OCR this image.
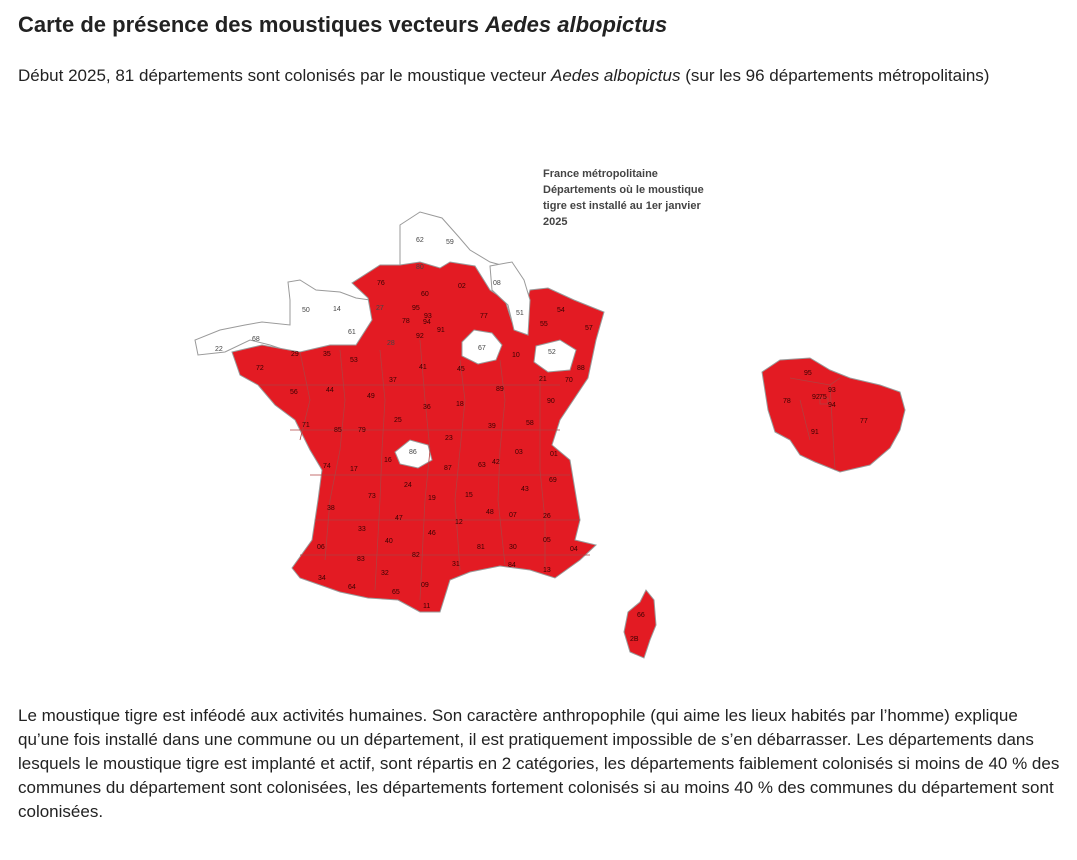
Carte de présence des moustiques vecteurs Aedes albopictus

Début 2025, 81 départements sont colonisés par le moustique vecteur Aedes albopictus (sur les 96 départements métropolitains)

France métropolitaine
Départements où le moustique
tigre est installé au 1er janvier
2025
62	59
80
76
60
02	08
27
14
50
61
28
95
78
93
94
92
91
77	51
55
54
57
67
10	52
88
68
22
29	35
53
72
56	44
49
37
41	45
89
21	70
90
25
36	18
58
39
71
85 79
86
23
03	01
74	17
16
87	63 42
69
73
24
19	15
43
38
33
47
46
12
48 07	26
05
04
06
40
82
81	30
84
13
83
32
31
34
64
65
09
11
66
2B
95
93
92 75
94
78
91
77

Le moustique tigre est inféodé aux activités humaines. Son caractère anthropophile (qui aime les lieux habités par l’homme) explique qu’une fois installé dans une commune ou un département, il est pratiquement impossible de s’en débarrasser. Les départements dans lesquels le moustique tigre est implanté et actif, sont répartis en 2 catégories, les départements faiblement colonisés si moins de 40 % des communes du département sont colonisées, les départements fortement colonisés si au moins 40 % des communes du département sont colonisées.
